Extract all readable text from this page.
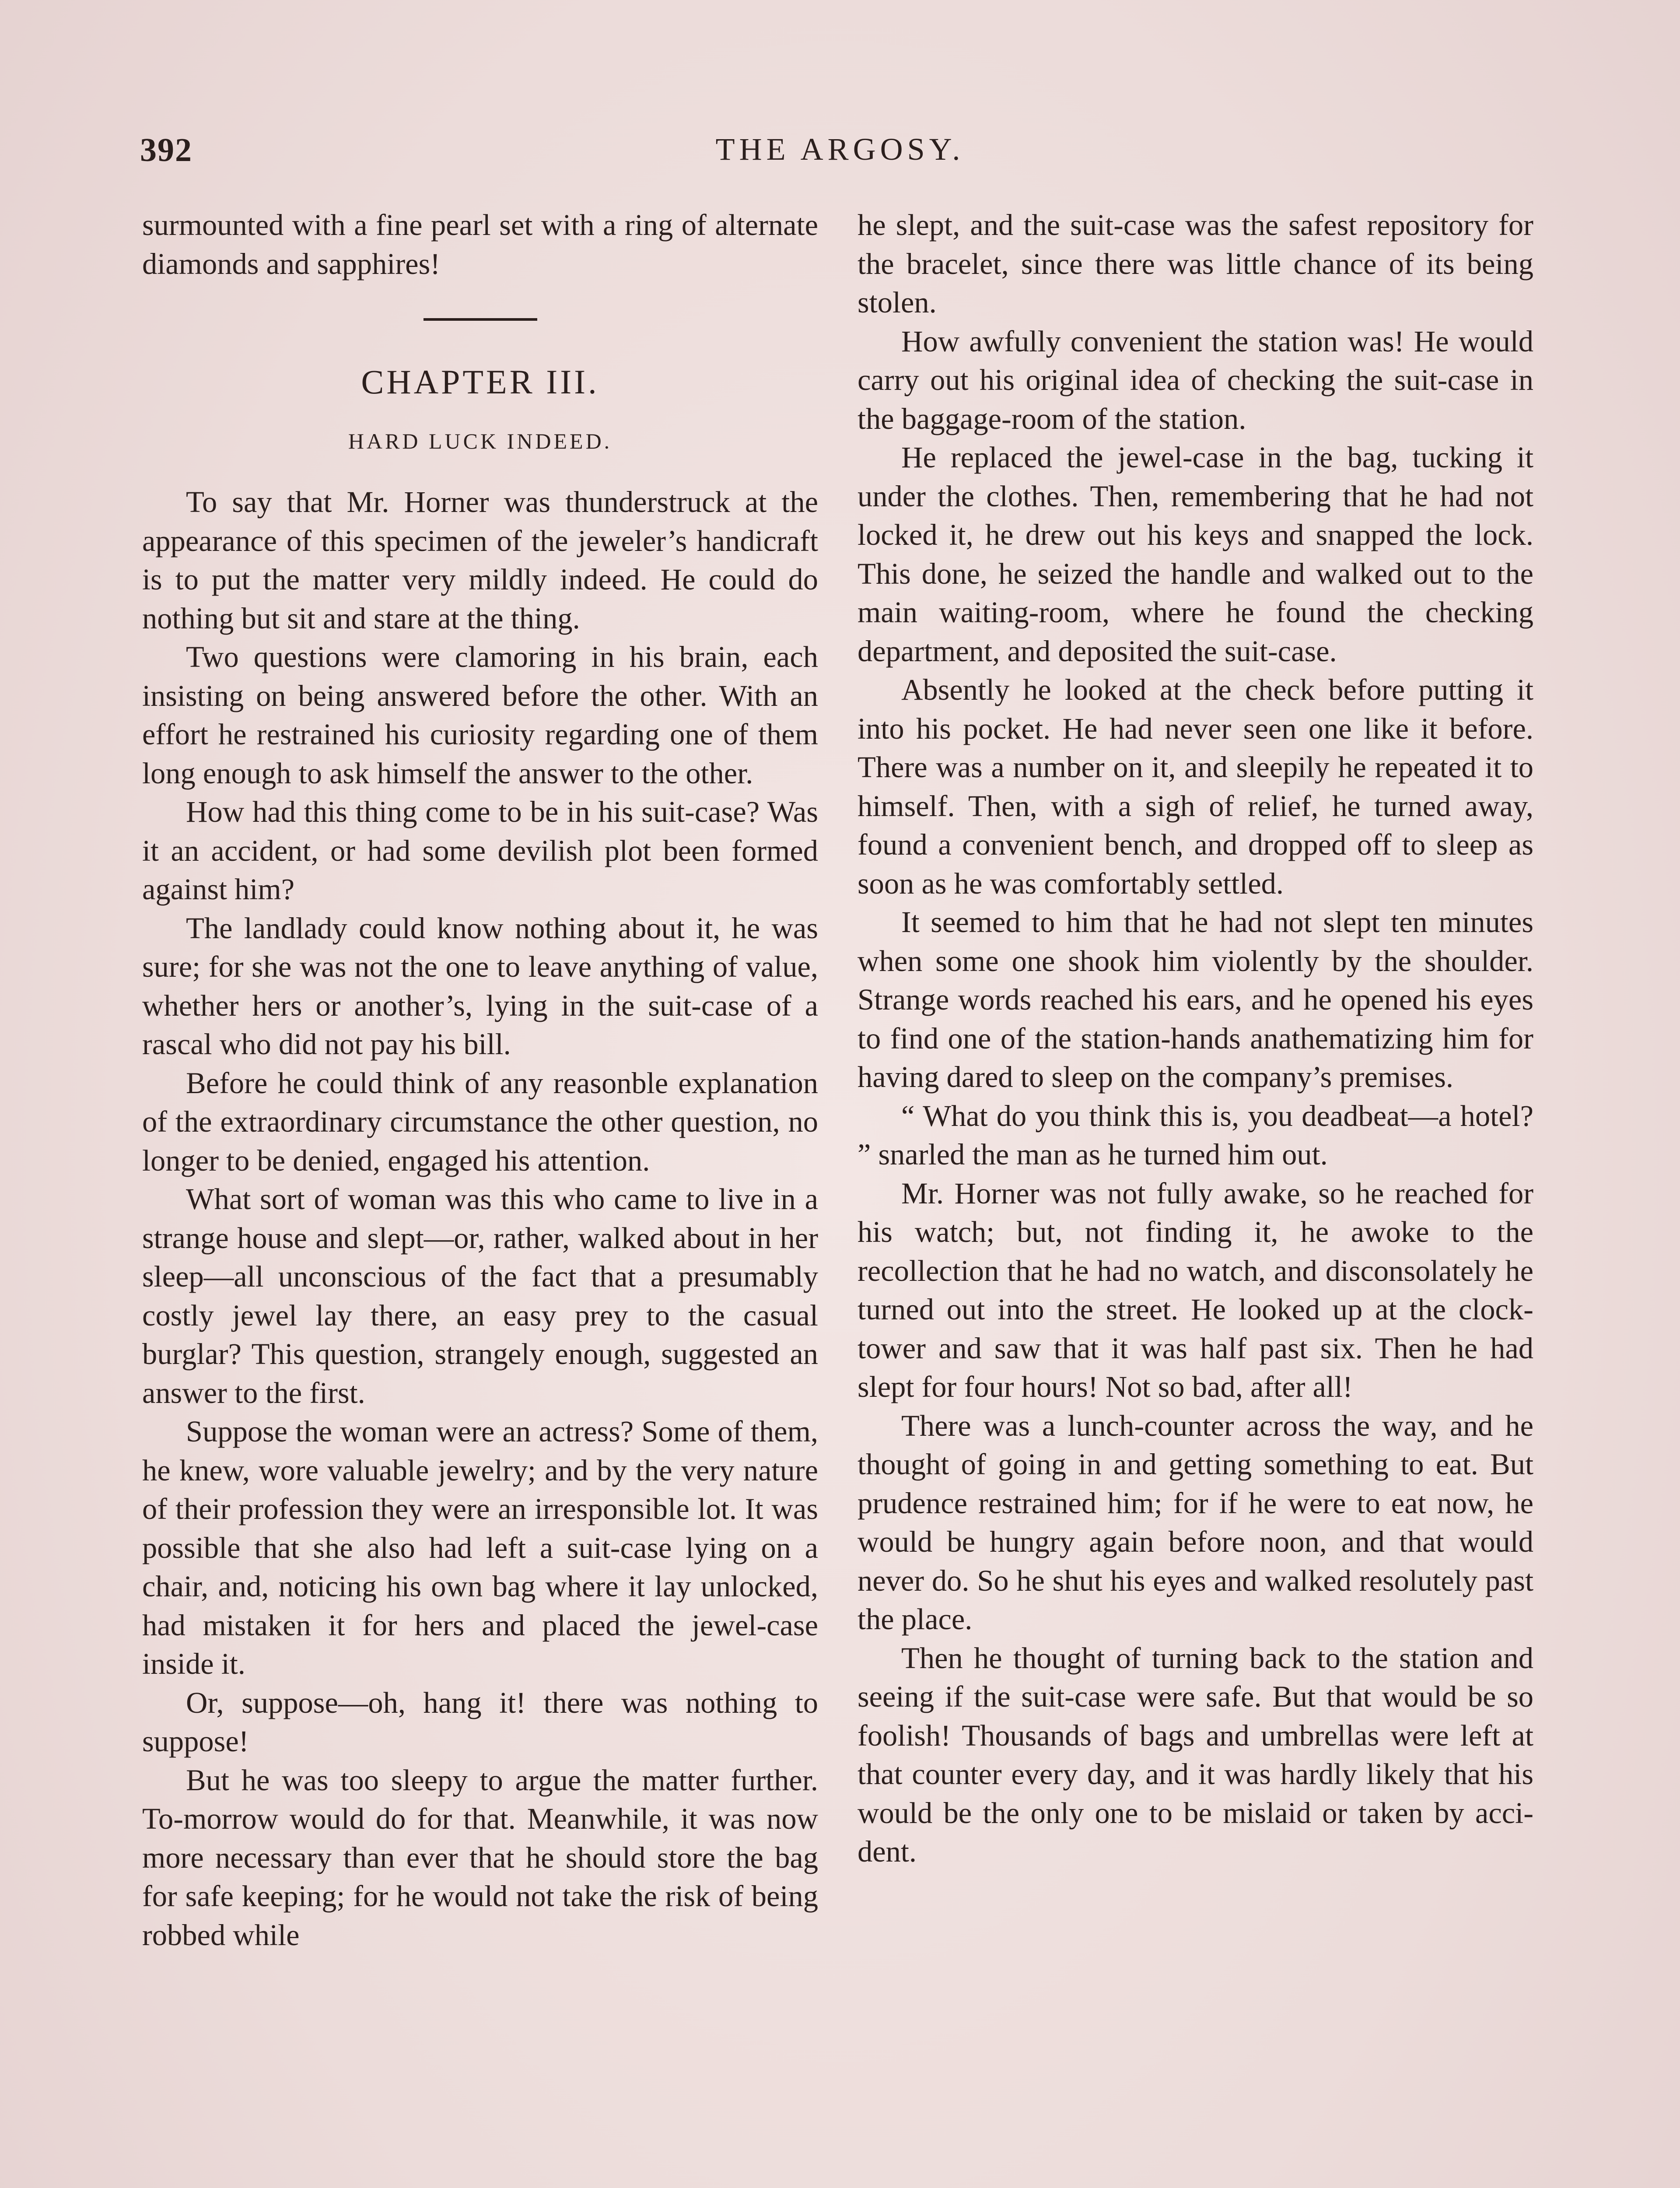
392	THE ARGOSY.

surmounted with a fine pearl set with a ring of alternate diamonds and sapphires!

CHAPTER III.
HARD LUCK INDEED.

To say that Mr. Horner was thunderstruck at the appearance of this specimen of the jeweler’s handicraft is to put the matter very mildly indeed. He could do nothing but sit and stare at the thing.

Two questions were clamoring in his brain, each insisting on being answered before the other. With an effort he restrained his curiosity regarding one of them long enough to ask himself the answer to the other.

How had this thing come to be in his suit-case? Was it an accident, or had some devilish plot been formed against him?

The landlady could know nothing about it, he was sure; for she was not the one to leave anything of value, whether hers or another’s, lying in the suit-case of a rascal who did not pay his bill.

Before he could think of any reasonble explanation of the extraordinary circumstance the other question, no longer to be denied, engaged his attention.

What sort of woman was this who came to live in a strange house and slept—or, rather, walked about in her sleep—all unconscious of the fact that a presumably costly jewel lay there, an easy prey to the casual burglar? This question, strangely enough, suggested an answer to the first.

Suppose the woman were an actress? Some of them, he knew, wore valuable jewelry; and by the very nature of their profession they were an irresponsible lot. It was possible that she also had left a suit-case lying on a chair, and, noticing his own bag where it lay unlocked, had mistaken it for hers and placed the jewel-case inside it.

Or, suppose—oh, hang it! there was nothing to suppose!

But he was too sleepy to argue the matter further. To-morrow would do for that. Meanwhile, it was now more necessary than ever that he should store the bag for safe keeping; for he would not take the risk of being robbed while

he slept, and the suit-case was the safest repository for the bracelet, since there was little chance of its being stolen.

How awfully convenient the station was! He would carry out his original idea of checking the suit-case in the baggage-room of the station.

He replaced the jewel-case in the bag, tucking it under the clothes. Then, remembering that he had not locked it, he drew out his keys and snapped the lock. This done, he seized the handle and walked out to the main waiting-room, where he found the checking department, and deposited the suit-case.

Absently he looked at the check before putting it into his pocket. He had never seen one like it before. There was a number on it, and sleepily he repeated it to himself. Then, with a sigh of relief, he turned away, found a convenient bench, and dropped off to sleep as soon as he was comfortably settled.

It seemed to him that he had not slept ten minutes when some one shook him violently by the shoulder. Strange words reached his ears, and he opened his eyes to find one of the station-hands anathematizing him for having dared to sleep on the company’s premises.

“ What do you think this is, you deadbeat—a hotel? ” snarled the man as he turned him out.

Mr. Horner was not fully awake, so he reached for his watch; but, not finding it, he awoke to the recollection that he had no watch, and disconsolately he turned out into the street. He looked up at the clock-tower and saw that it was half past six. Then he had slept for four hours! Not so bad, after all!

There was a lunch-counter across the way, and he thought of going in and getting something to eat. But prudence restrained him; for if he were to eat now, he would be hungry again before noon, and that would never do. So he shut his eyes and walked resolutely past the place.

Then he thought of turning back to the station and seeing if the suit-case were safe. But that would be so foolish! Thousands of bags and umbrellas were left at that counter every day, and it was hardly likely that his would be the only one to be mislaid or taken by accident.
